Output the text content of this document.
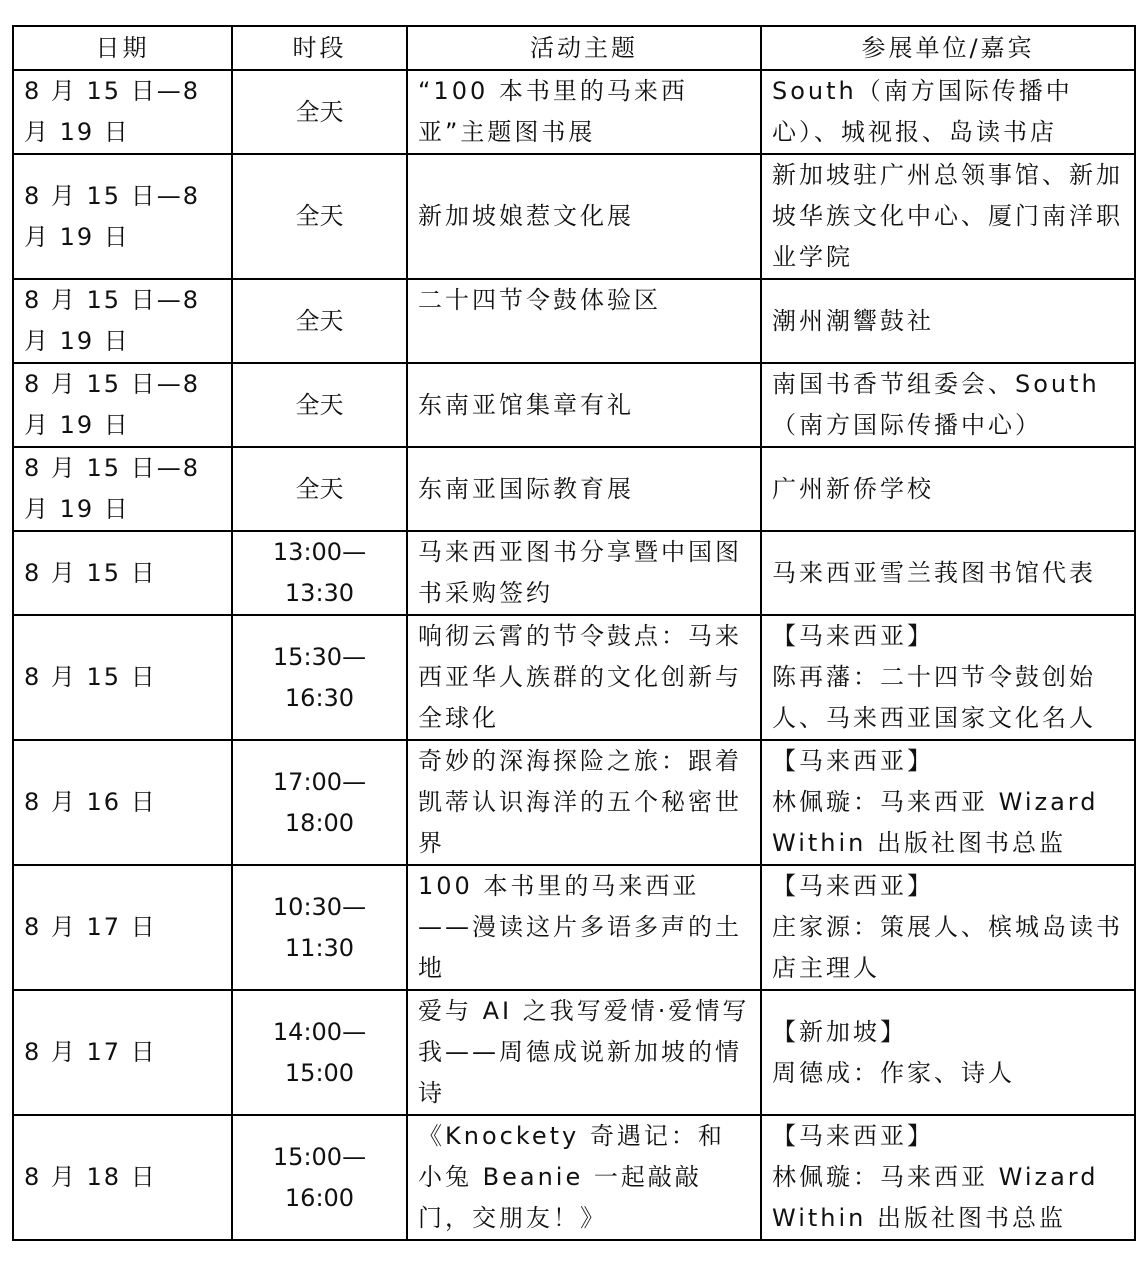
日期	时段	活动主题	参展单位/嘉宾
8 月 15 日—8 月 19 日	全天	“100 本书里的马来西亚”主题图书展	South（南方国际传播中心）、城视报、岛读书店

8 月 15 日—8 月 19 日	全天	新加坡娘惹文化展	新加坡驻广州总领事馆、新加坡华族文化中心、厦门南洋职业学院

8 月 15 日—8 月 19 日	全天	二十四节令鼓体验区	潮州潮響鼓社

8 月 15 日—8 月 19 日	全天	东南亚馆集章有礼	南国书香节组委会、South（南方国际传播中心）

8 月 15 日—8 月 19 日	全天	东南亚国际教育展	广州新侨学校

8 月 15 日	13:00—13:30	马来西亚图书分享暨中国图书采购签约	马来西亚雪兰莪图书馆代表

8 月 15 日	15:30—16:30	响彻云霄的节令鼓点：马来西亚华人族群的文化创新与全球化	【马来西亚】
陈再藩：二十四节令鼓创始人、马来西亚国家文化名人

8 月 16 日	17:00—18:00	奇妙的深海探险之旅：跟着凯蒂认识海洋的五个秘密世界	【马来西亚】
林佩璇：马来西亚 Wizard Within 出版社图书总监

8 月 17 日	10:30—11:30	100 本书里的马来西亚——漫读这片多语多声的土地	【马来西亚】
庄家源：策展人、槟城岛读书店主理人

8 月 17 日	14:00—15:00	爱与 AI 之我写爱情·爱情写我——周德成说新加坡的情诗	【新加坡】
周德成：作家、诗人

8 月 18 日	15:00—16:00	《Knockety 奇遇记：和小兔 Beanie 一起敲敲门，交朋友！》	【马来西亚】
林佩璇：马来西亚 Wizard Within 出版社图书总监
